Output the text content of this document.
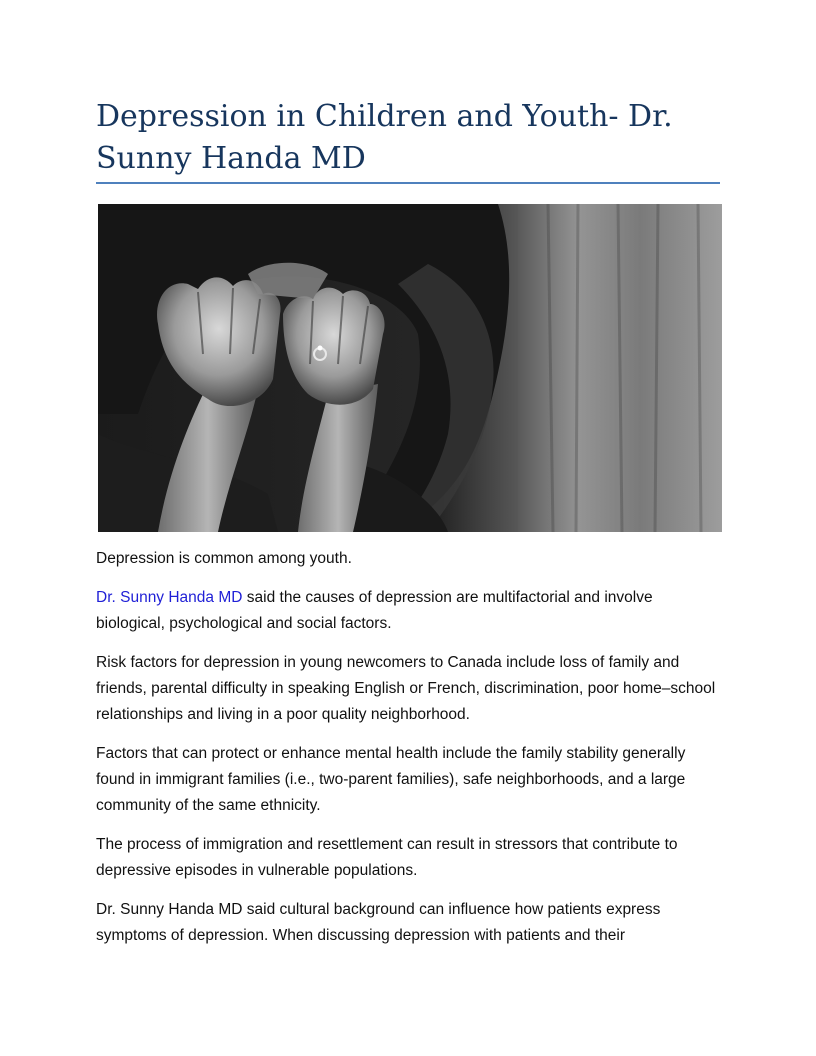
Depression in Children and Youth- Dr. Sunny Handa MD

Depression is common among youth.

Dr. Sunny Handa MD said the causes of depression are multifactorial and involve biological, psychological and social factors.

Risk factors for depression in young newcomers to Canada include loss of family and friends, parental difficulty in speaking English or French, discrimination, poor home–school relationships and living in a poor quality neighborhood.

Factors that can protect or enhance mental health include the family stability generally found in immigrant families (i.e., two-parent families), safe neighborhoods, and a large community of the same ethnicity.

The process of immigration and resettlement can result in stressors that contribute to depressive episodes in vulnerable populations.

Dr. Sunny Handa MD said cultural background can influence how patients express symptoms of depression. When discussing depression with patients and their
